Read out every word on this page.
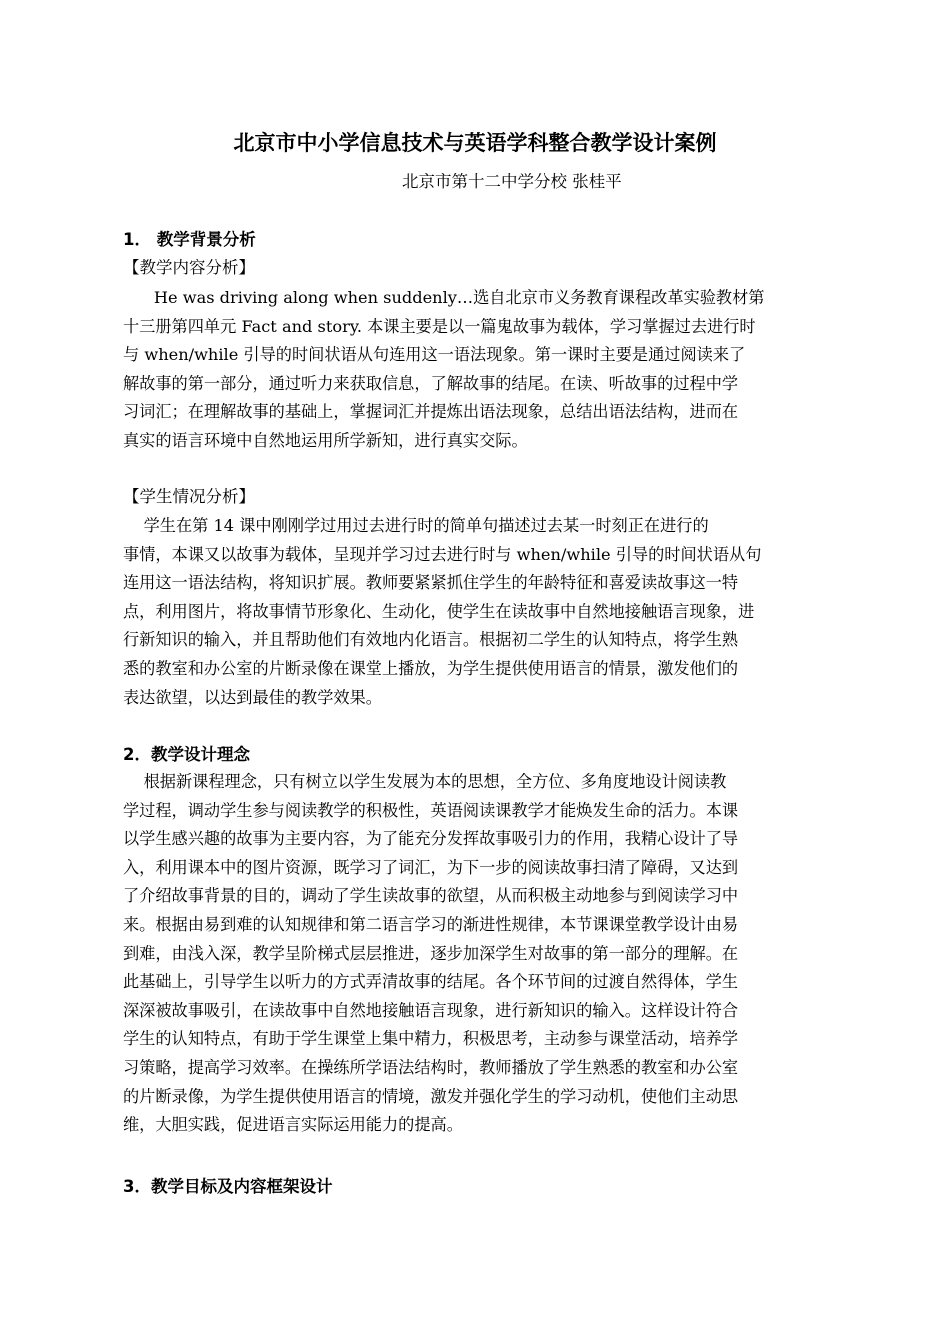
北京市中小学信息技术与英语学科整合教学设计案例
北京市第十二中学分校 张桂平
1． 教学背景分析
【教学内容分析】
He was driving along when suddenly…选自北京市义务教育课程改革实验教材第
十三册第四单元 Fact and story. 本课主要是以一篇鬼故事为载体，学习掌握过去进行时
与 when/while 引导的时间状语从句连用这一语法现象。第一课时主要是通过阅读来了
解故事的第一部分，通过听力来获取信息，了解故事的结尾。在读、听故事的过程中学
习词汇；在理解故事的基础上，掌握词汇并提炼出语法现象，总结出语法结构，进而在
真实的语言环境中自然地运用所学新知，进行真实交际。
【学生情况分析】
学生在第 14 课中刚刚学过用过去进行时的简单句描述过去某一时刻正在进行的
事情，本课又以故事为载体，呈现并学习过去进行时与 when/while 引导的时间状语从句
连用这一语法结构，将知识扩展。教师要紧紧抓住学生的年龄特征和喜爱读故事这一特
点，利用图片，将故事情节形象化、生动化，使学生在读故事中自然地接触语言现象，进
行新知识的输入，并且帮助他们有效地内化语言。根据初二学生的认知特点，将学生熟
悉的教室和办公室的片断录像在课堂上播放，为学生提供使用语言的情景，激发他们的
表达欲望，以达到最佳的教学效果。
2．教学设计理念
根据新课程理念，只有树立以学生发展为本的思想，全方位、多角度地设计阅读教
学过程，调动学生参与阅读教学的积极性，英语阅读课教学才能焕发生命的活力。本课
以学生感兴趣的故事为主要内容，为了能充分发挥故事吸引力的作用，我精心设计了导
入，利用课本中的图片资源，既学习了词汇，为下一步的阅读故事扫清了障碍，又达到
了介绍故事背景的目的，调动了学生读故事的欲望，从而积极主动地参与到阅读学习中
来。根据由易到难的认知规律和第二语言学习的渐进性规律，本节课课堂教学设计由易
到难，由浅入深，教学呈阶梯式层层推进，逐步加深学生对故事的第一部分的理解。在
此基础上，引导学生以听力的方式弄清故事的结尾。各个环节间的过渡自然得体，学生
深深被故事吸引，在读故事中自然地接触语言现象，进行新知识的输入。这样设计符合
学生的认知特点，有助于学生课堂上集中精力，积极思考，主动参与课堂活动，培养学
习策略，提高学习效率。在操练所学语法结构时，教师播放了学生熟悉的教室和办公室
的片断录像，为学生提供使用语言的情境，激发并强化学生的学习动机，使他们主动思
维，大胆实践，促进语言实际运用能力的提高。
3．教学目标及内容框架设计
